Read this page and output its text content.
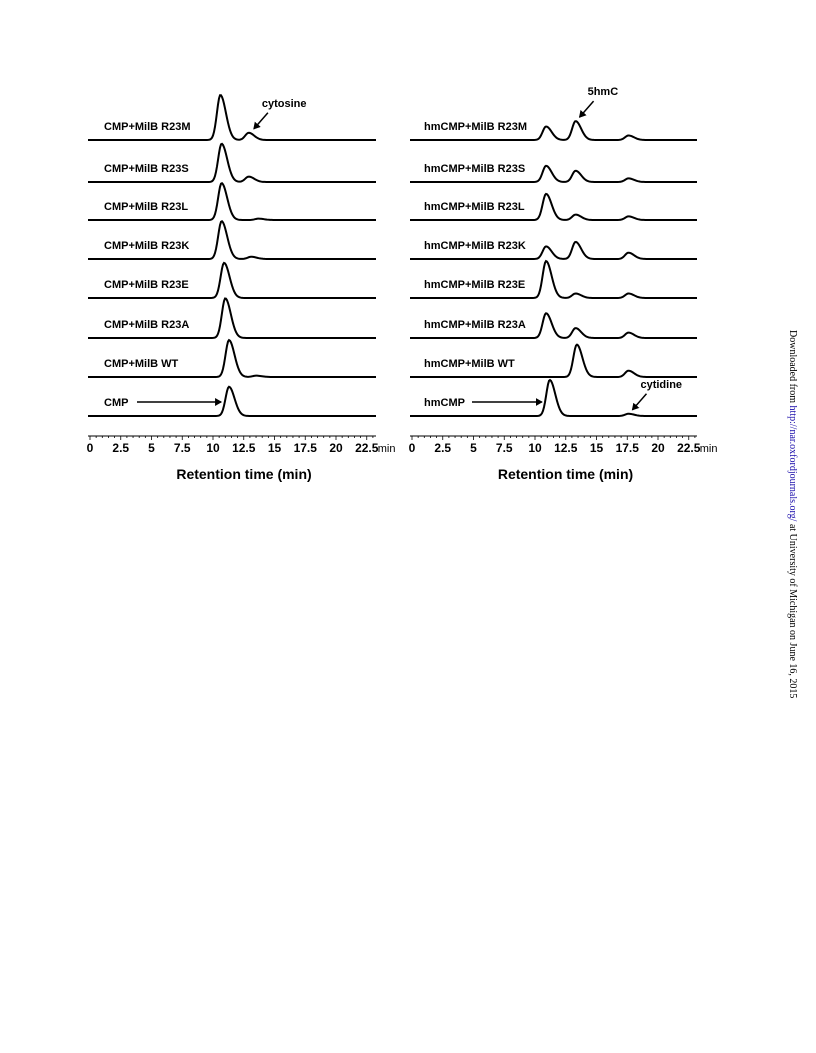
CMP+MilB R23M
CMP+MilB R23S
CMP+MilB R23L
CMP+MilB R23K
CMP+MilB R23E
CMP+MilB R23A
CMP+MilB WT
CMP
cytosine
0 2.5 5 7.5 10 12.5 15 17.5 20 22.5 min
Retention time (min)
hmCMP+MilB R23M
hmCMP+MilB R23S
hmCMP+MilB R23L
hmCMP+MilB R23K
hmCMP+MilB R23E
hmCMP+MilB R23A
hmCMP+MilB WT
hmCMP
5hmC
cytidine
0 2.5 5 7.5 10 12.5 15 17.5 20 22.5 min
Retention time (min)
Downloaded from http://nar.oxfordjournals.org/ at University of Michigan on June 16, 2015
